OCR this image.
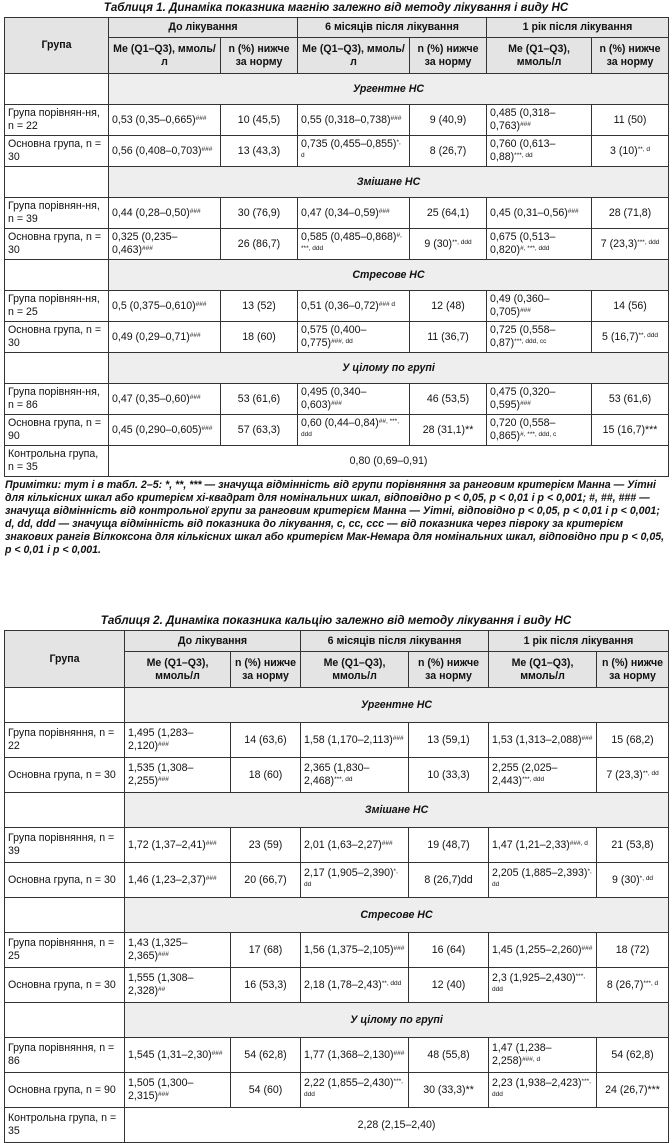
Таблиця 1. Динаміка показника магнію залежно від методу лікування і виду НС

Група	До лікування		6 місяців після лікування		1 рік після лікування	
	Me (Q1–Q3), ммоль/л	n (%) нижче за норму	Me (Q1–Q3), ммоль/л	n (%) нижче за норму	Me (Q1–Q3), ммоль/л	n (%) нижче за норму
	Ургентне НС					
Група порівнян-ня, n = 22	0,53 (0,35–0,665)###	10 (45,5)	0,55 (0,318–0,738)###	9 (40,9)	0,485 (0,318–0,763)###	11 (50)
Основна група, n = 30	0,56 (0,408–0,703)###	13 (43,3)	0,735 $(0,455-0,855)^{*, d}$	8 (26,7)	0,760 $(0,613-0,88)^{***, dd}$	3 $(10)^{**, d}$
	Змішане НС					
Група порівнян-ня, n = 39	0,44 (0,28–0,50)###	30 (76,9)	0,47 (0,34–0,59)###	25 (64,1)	0,45 (0,31–0,56)###	28 (71,8)
Основна група, n = 30	0,325 (0,235–0,463)###	26 (86,7)	0,585 $(0,485-0,868)^{\#, ***, ddd}$	9 $(30)^{**, ddd}$	0,675 $(0,513-0,820)^{\#, ***, ddd}$	7 $(23,3)^{***, ddd}$
	Стресове НС					
Група порівнян-ня, n = 25	0,5 (0,375–0,610)###	13 (52)	0,51 $(0,36-0,72)^{\#\#\# d}$	12 (48)	0,49 (0,360–0,705)###	14 (56)
Основна група, n = 30	0,49 (0,29–0,71)###	18 (60)	0,575 $(0,400-0,775)^{\#\#\#, dd}$	11 (36,7)	0,725 $(0,558-0,87)^{***, ddd, cc}$	5 $(16,7)^{**, ddd}$
	У цілому по групі					
Група порівнян-ня, n = 86	0,47 (0,35–0,60)###	53 (61,6)	0,495 (0,340–0,603)###	46 (53,5)	0,475 (0,320–0,595)###	53 (61,6)
Основна група, n = 90	0,45 (0,290–0,605)###	57 (63,3)	0,60 $(0,44-0,84)^{\#\#, ***, ddd}$	28 (31,1)**	0,720 $(0,558-0,865)^{\#, ***, ddd, c}$	15 (16,7)***
Контрольна група, n = 35	0,80 (0,69–0,91)					
Примітки: тут і в табл. 2–5: *, **, *** — значуща відмінність від групи порівняння за ранговим критерієм Манна — Уітні для кількісних шкал або критерієм хі-квадрат для номінальних шкал, відповідно p < 0,05, p < 0,01 і p < 0,001; #, ##, ### — значуща відмінність від контрольної групи за ранговим критерієм Манна — Уітні, відповідно p < 0,05, p < 0,01 і p < 0,001; d, dd, ddd — значуща відмінність від показника до лікування, c, cc, ccc — від показника через півроку за критерієм знакових рангів Вілкоксона для кількісних шкал або критерієм Мак-Немара для номінальних шкал, відповідно при p < 0,05, p < 0,01 і p < 0,001.

Таблиця 2. Динаміка показника кальцію залежно від методу лікування і виду НС

Група	До лікування		6 місяців після лікування		1 рік після лікування	
	Me (Q1–Q3), ммоль/л	n (%) нижче за норму	Me (Q1–Q3), ммоль/л	n (%) нижче за норму	Me (Q1–Q3), ммоль/л	n (%) нижче за норму
	Ургентне НС					
Група порівняння, n = 22	1,495 (1,283–2,120)###	14 (63,6)	1,58 (1,170–2,113)###	13 (59,1)	1,53 (1,313–2,088)###	15 (68,2)
Основна група, n = 30	1,535 (1,308–2,255)###	18 (60)	2,365 $(1,830-2,468)^{***, dd}$	10 (33,3)	2,255 $(2,025-2,443)^{***, ddd}$	7 $(23,3)^{**, dd}$
	Змішане НС					
Група порівняння, n = 39	1,72 (1,37–2,41)###	23 (59)	2,01 (1,63–2,27)###	19 (48,7)	1,47 $(1,21-2,33)^{\#\#\#, d}$	21 (53,8)
Основна група, n = 30	1,46 (1,23–2,37)###	20 (66,7)	2,17 $(1,905-2,390)^{*, dd}$	8 (26,7)dd	2,205 $(1,885-2,393)^{*, dd}$	9 $(30)^{*, dd}$
	Стресове НС					
Група порівняння, n = 25	1,43 (1,325–2,365)###	17 (68)	1,56 (1,375–2,105)###	16 (64)	1,45 (1,255–2,260)###	18 (72)
Основна група, n = 30	1,555 (1,308–2,328)##	16 (53,3)	2,18 $(1,78-2,43)^{**, ddd}$	12 (40)	2,3 $(1,925-2,430)^{***, ddd}$	8 $(26,7)^{***, d}$
	У цілому по групі					
Група порівняння, n = 86	1,545 (1,31–2,30)###	54 (62,8)	1,77 (1,368–2,130)###	48 (55,8)	1,47 $(1,238-2,258)^{\#\#\#, d}$	54 (62,8)
Основна група, n = 90	1,505 (1,300–2,315)###	54 (60)	2,22 $(1,855-2,430)^{***, ddd}$	30 (33,3)**	2,23 $(1,938-2,423)^{***, ddd}$	24 (26,7)***
Контрольна група, n = 35	2,28 (2,15–2,40)					
